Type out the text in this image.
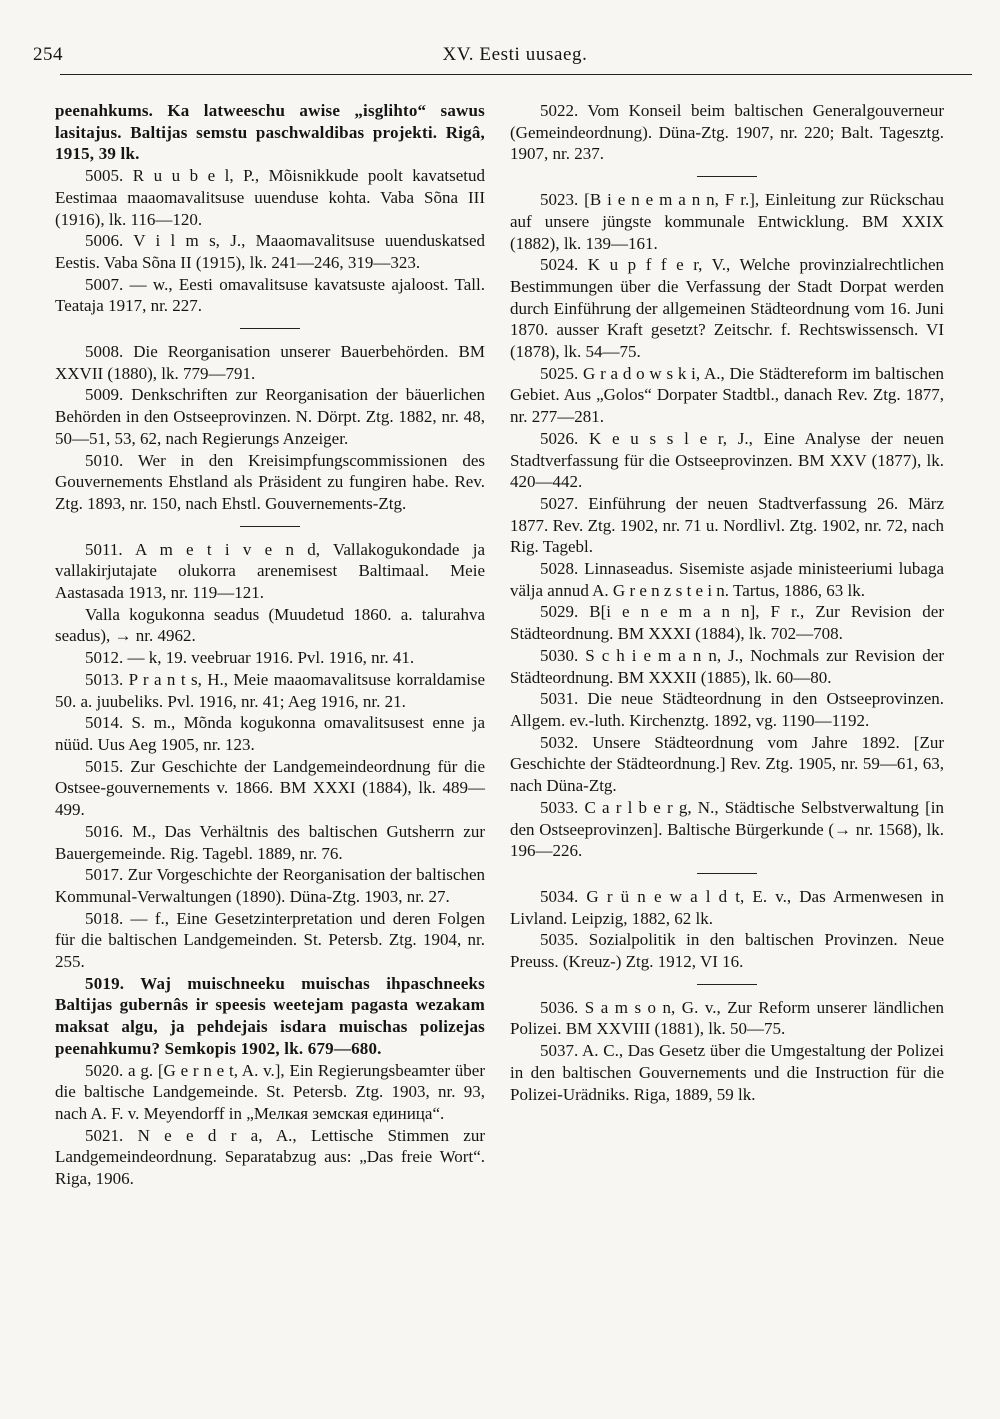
254	XV. Eesti uusaeg.

peenahkums. Ka latweeschu awise „isglihto“ sawus lasitajus. Baltijas semstu paschwaldibas projekti. Rigâ, 1915, 39 lk.

5005. R u u b e l, P., Mõisnikkude poolt kavatsetud Eestimaa maaomavalitsuse uuenduse kohta. Vaba Sõna III (1916), lk. 116—120.

5006. V i l m s, J., Maaomavalitsuse uuenduskatsed Eestis. Vaba Sõna II (1915), lk. 241—246, 319—323.

5007. — w., Eesti omavalitsuse kavatsuste ajaloost. Tall. Teataja 1917, nr. 227.

5008. Die Reorganisation unserer Bauerbehörden. BM XXVII (1880), lk. 779—791.

5009. Denkschriften zur Reorganisation der bäuerlichen Behörden in den Ostseeprovinzen. N. Dörpt. Ztg. 1882, nr. 48, 50—51, 53, 62, nach Regierungs Anzeiger.

5010. Wer in den Kreisimpfungscommissionen des Gouvernements Ehstland als Präsident zu fungiren habe. Rev. Ztg. 1893, nr. 150, nach Ehstl. Gouvernements-Ztg.

5011. A m e t i v e n d, Vallakogukondade ja vallakirjutajate olukorra arenemisest Baltimaal. Meie Aastasada 1913, nr. 119—121.

Valla kogukonna seadus (Muudetud 1860. a. talurahva seadus), → nr. 4962.

5012. — k, 19. veebruar 1916. Pvl. 1916, nr. 41.

5013. P r a n t s, H., Meie maaomavalitsuse korraldamise 50. a. juubeliks. Pvl. 1916, nr. 41; Aeg 1916, nr. 21.

5014. S. m., Mõnda kogukonna omavalitsusest enne ja nüüd. Uus Aeg 1905, nr. 123.

5015. Zur Geschichte der Landgemeindeordnung für die Ostsee-gouvernements v. 1866. BM XXXI (1884), lk. 489—499.

5016. M., Das Verhältnis des baltischen Gutsherrn zur Bauergemeinde. Rig. Tagebl. 1889, nr. 76.

5017. Zur Vorgeschichte der Reorganisation der baltischen Kommunal-Verwaltungen (1890). Düna-Ztg. 1903, nr. 27.

5018. — f., Eine Gesetzinterpretation und deren Folgen für die baltischen Landgemeinden. St. Petersb. Ztg. 1904, nr. 255.

5019. Waj muischneeku muischas ihpaschneeks Baltijas gubernâs ir speesis weetejam pagasta wezakam maksat algu, ja pehdejais isdara muischas polizejas peenahkumu? Semkopis 1902, lk. 679—680.

5020. a g. [G e r n e t, A. v.], Ein Regierungsbeamter über die baltische Landgemeinde. St. Petersb. Ztg. 1903, nr. 93, nach A. F. v. Meyendorff in „Мелкая земская единица“.

5021. N e e d r a, A., Lettische Stimmen zur Landgemeindeordnung. Separatabzug aus: „Das freie Wort“. Riga, 1906.

5022. Vom Konseil beim baltischen Generalgouverneur (Gemeindeordnung). Düna-Ztg. 1907, nr. 220; Balt. Tagesztg. 1907, nr. 237.

5023. [B i e n e m a n n, F r.], Einleitung zur Rückschau auf unsere jüngste kommunale Entwicklung. BM XXIX (1882), lk. 139—161.

5024. K u p f f e r, V., Welche provinzialrechtlichen Bestimmungen über die Verfassung der Stadt Dorpat werden durch Einführung der allgemeinen Städteordnung vom 16. Juni 1870. ausser Kraft gesetzt? Zeitschr. f. Rechtswissensch. VI (1878), lk. 54—75.

5025. G r a d o w s k i, A., Die Städtereform im baltischen Gebiet. Aus „Golos“ Dorpater Stadtbl., danach Rev. Ztg. 1877, nr. 277—281.

5026. K e u s s l e r, J., Eine Analyse der neuen Stadtverfassung für die Ostseeprovinzen. BM XXV (1877), lk. 420—442.

5027. Einführung der neuen Stadtverfassung 26. März 1877. Rev. Ztg. 1902, nr. 71 u. Nordlivl. Ztg. 1902, nr. 72, nach Rig. Tagebl.

5028. Linnaseadus. Sisemiste asjade ministeeriumi lubaga välja annud A. G r e n z s t e i n. Tartus, 1886, 63 lk.

5029. B[i e n e m a n n], F r., Zur Revision der Städteordnung. BM XXXI (1884), lk. 702—708.

5030. S c h i e m a n n, J., Nochmals zur Revision der Städteordnung. BM XXXII (1885), lk. 60—80.

5031. Die neue Städteordnung in den Ostseeprovinzen. Allgem. ev.-luth. Kirchenztg. 1892, vg. 1190—1192.

5032. Unsere Städteordnung vom Jahre 1892. [Zur Geschichte der Städteordnung.] Rev. Ztg. 1905, nr. 59—61, 63, nach Düna-Ztg.

5033. C a r l b e r g, N., Städtische Selbstverwaltung [in den Ostseeprovinzen]. Baltische Bürgerkunde (→ nr. 1568), lk. 196—226.

5034. G r ü n e w a l d t, E. v., Das Armenwesen in Livland. Leipzig, 1882, 62 lk.

5035. Sozialpolitik in den baltischen Provinzen. Neue Preuss. (Kreuz-) Ztg. 1912, VI 16.

5036. S a m s o n, G. v., Zur Reform unserer ländlichen Polizei. BM XXVIII (1881), lk. 50—75.

5037. A. C., Das Gesetz über die Umgestaltung der Polizei in den baltischen Gouvernements und die Instruction für die Polizei-Urädniks. Riga, 1889, 59 lk.
